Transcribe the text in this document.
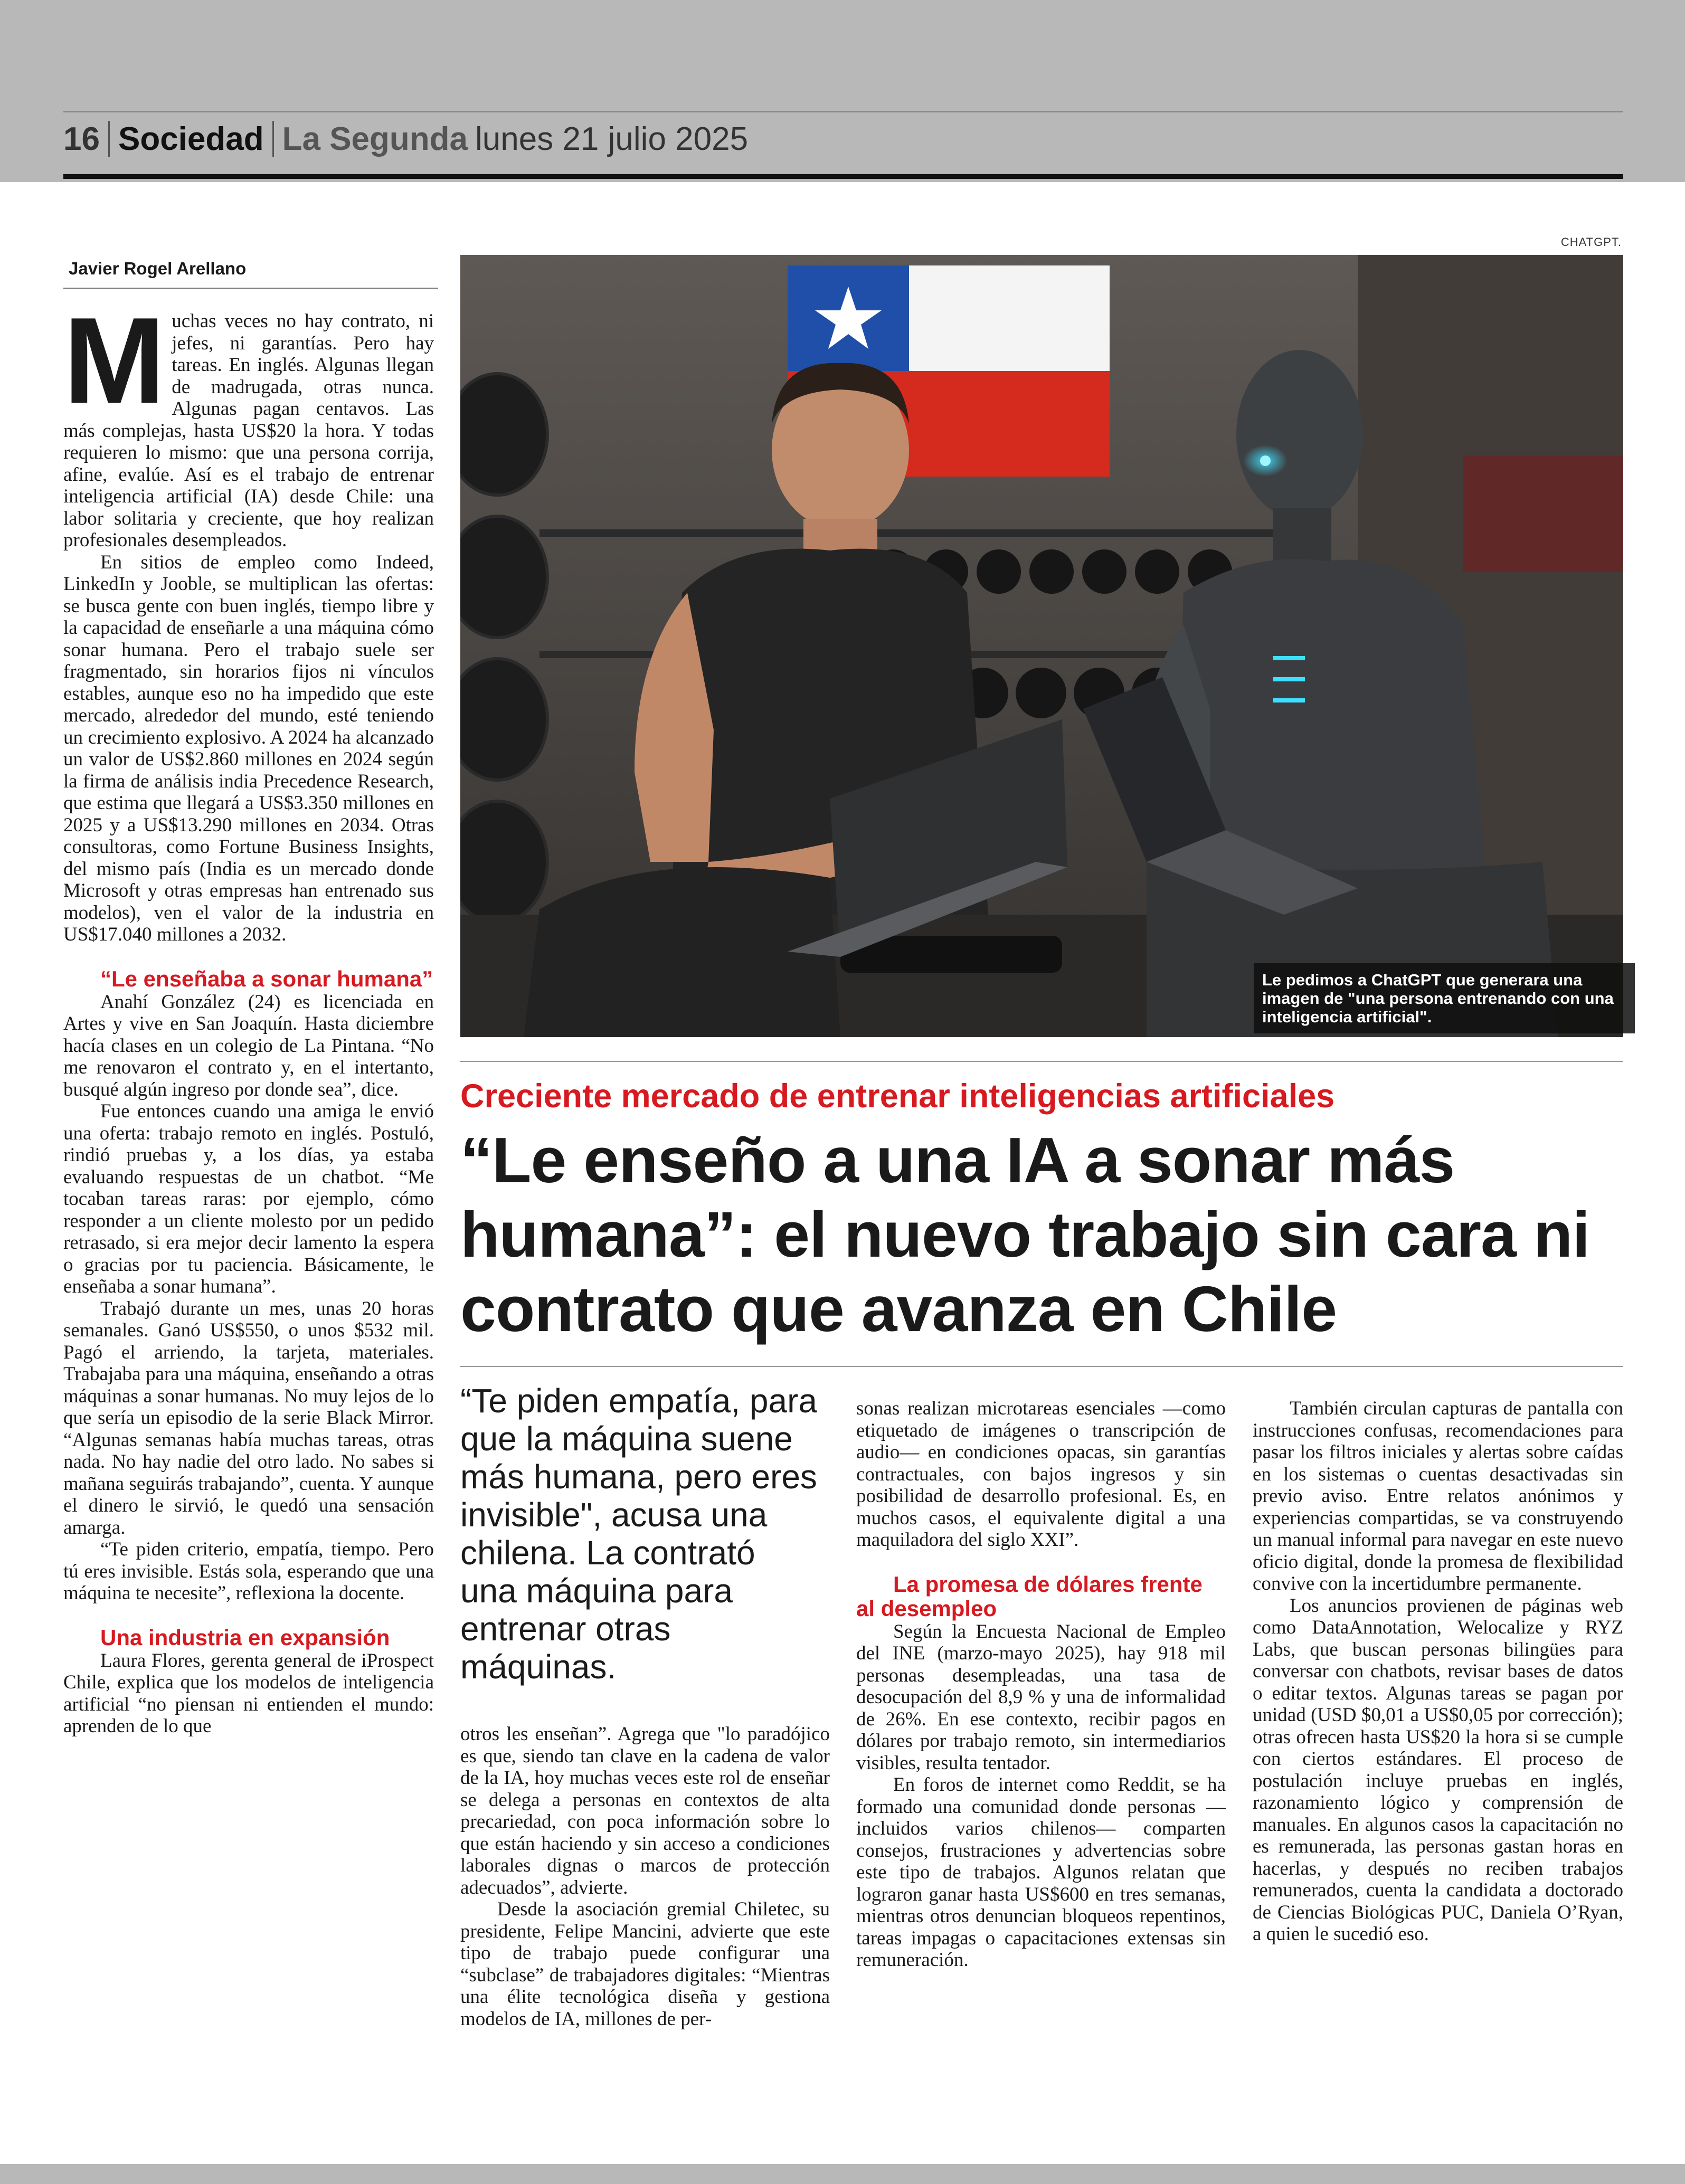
16 Sociedad La Segunda lunes 21 julio 2025
CHATGPT.
Le pedimos a ChatGPT que generara una imagen de "una persona entrenando con una inteligencia artificial".
Javier Rogel Arellano

Muchas veces no hay contrato, ni jefes, ni garantías. Pero hay tareas. En inglés. Algunas llegan de madrugada, otras nunca. Algunas pagan centavos. Las más complejas, hasta US$20 la hora. Y todas requieren lo mismo: que una persona corrija, afine, evalúe. Así es el trabajo de entrenar inteligencia artificial (IA) desde Chile: una labor solitaria y creciente, que hoy realizan profesionales desempleados.

En sitios de empleo como Indeed, LinkedIn y Jooble, se multiplican las ofertas: se busca gente con buen inglés, tiempo libre y la capacidad de enseñarle a una máquina cómo sonar humana. Pero el trabajo suele ser fragmentado, sin horarios fijos ni vínculos estables, aunque eso no ha impedido que este mercado, alrededor del mundo, esté teniendo un crecimiento explosivo. A 2024 ha alcanzado un valor de US$2.860 millones en 2024 según la firma de análisis india Precedence Research, que estima que llegará a US$3.350 millones en 2025 y a US$13.290 millones en 2034. Otras consultoras, como Fortune Business Insights, del mismo país (India es un mercado donde Microsoft y otras empresas han entrenado sus modelos), ven el valor de la industria en US$17.040 millones a 2032.

“Le enseñaba a sonar humana”

Anahí González (24) es licenciada en Artes y vive en San Joaquín. Hasta diciembre hacía clases en un colegio de La Pintana. “No me renovaron el contrato y, en el intertanto, busqué algún ingreso por donde sea”, dice.

Fue entonces cuando una amiga le envió una oferta: trabajo remoto en inglés. Postuló, rindió pruebas y, a los días, ya estaba evaluando respuestas de un chatbot. “Me tocaban tareas raras: por ejemplo, cómo responder a un cliente molesto por un pedido retrasado, si era mejor decir lamento la espera o gracias por tu paciencia. Básicamente, le enseñaba a sonar humana”.

Trabajó durante un mes, unas 20 horas semanales. Ganó US$550, o unos $532 mil. Pagó el arriendo, la tarjeta, materiales. Trabajaba para una máquina, enseñando a otras máquinas a sonar humanas. No muy lejos de lo que sería un episodio de la serie Black Mirror. “Algunas semanas había muchas tareas, otras nada. No hay nadie del otro lado. No sabes si mañana seguirás trabajando”, cuenta. Y aunque el dinero le sirvió, le quedó una sensación amarga.

“Te piden criterio, empatía, tiempo. Pero tú eres invisible. Estás sola, esperando que una máquina te necesite”, reflexiona la docente.

Una industria en expansión

Laura Flores, gerenta general de iProspect Chile, explica que los modelos de inteligencia artificial “no piensan ni entienden el mundo: aprenden de lo que

Creciente mercado de entrenar inteligencias artificiales
“Le enseño a una IA a sonar más humana”: el nuevo trabajo sin cara ni contrato que avanza en Chile
“Te piden empatía, para que la máquina suene más humana, pero eres invisible", acusa una chilena. La contrató una máquina para entrenar otras máquinas.

otros les enseñan”. Agrega que "lo paradójico es que, siendo tan clave en la cadena de valor de la IA, hoy muchas veces este rol de enseñar se delega a personas en contextos de alta precariedad, con poca información sobre lo que están haciendo y sin acceso a condiciones laborales dignas o marcos de protección adecuados”, advierte.

Desde la asociación gremial Chiletec, su presidente, Felipe Mancini, advierte que este tipo de trabajo puede configurar una “subclase” de trabajadores digitales: “Mientras una élite tecnológica diseña y gestiona modelos de IA, millones de per-

sonas realizan microtareas esenciales —como etiquetado de imágenes o transcripción de audio— en condiciones opacas, sin garantías contractuales, con bajos ingresos y sin posibilidad de desarrollo profesional. Es, en muchos casos, el equivalente digital a una maquiladora del siglo XXI”.

La promesa de dólares frente al desempleo

Según la Encuesta Nacional de Empleo del INE (marzo-mayo 2025), hay 918 mil personas desempleadas, una tasa de desocupación del 8,9 % y una de informalidad de 26%. En ese contexto, recibir pagos en dólares por trabajo remoto, sin intermediarios visibles, resulta tentador.

En foros de internet como Reddit, se ha formado una comunidad donde personas —incluidos varios chilenos— comparten consejos, frustraciones y advertencias sobre este tipo de trabajos. Algunos relatan que lograron ganar hasta US$600 en tres semanas, mientras otros denuncian bloqueos repentinos, tareas impagas o capacitaciones extensas sin remuneración.

También circulan capturas de pantalla con instrucciones confusas, recomendaciones para pasar los filtros iniciales y alertas sobre caídas en los sistemas o cuentas desactivadas sin previo aviso. Entre relatos anónimos y experiencias compartidas, se va construyendo un manual informal para navegar en este nuevo oficio digital, donde la promesa de flexibilidad convive con la incertidumbre permanente.

Los anuncios provienen de páginas web como DataAnnotation, Welocalize y RYZ Labs, que buscan personas bilingües para conversar con chatbots, revisar bases de datos o editar textos. Algunas tareas se pagan por unidad (USD $0,01 a US$0,05 por corrección); otras ofrecen hasta US$20 la hora si se cumple con ciertos estándares. El proceso de postulación incluye pruebas en inglés, razonamiento lógico y comprensión de manuales. En algunos casos la capacitación no es remunerada, las personas gastan horas en hacerlas, y después no reciben trabajos remunerados, cuenta la candidata a doctorado de Ciencias Biológicas PUC, Daniela O’Ryan, a quien le sucedió eso.
